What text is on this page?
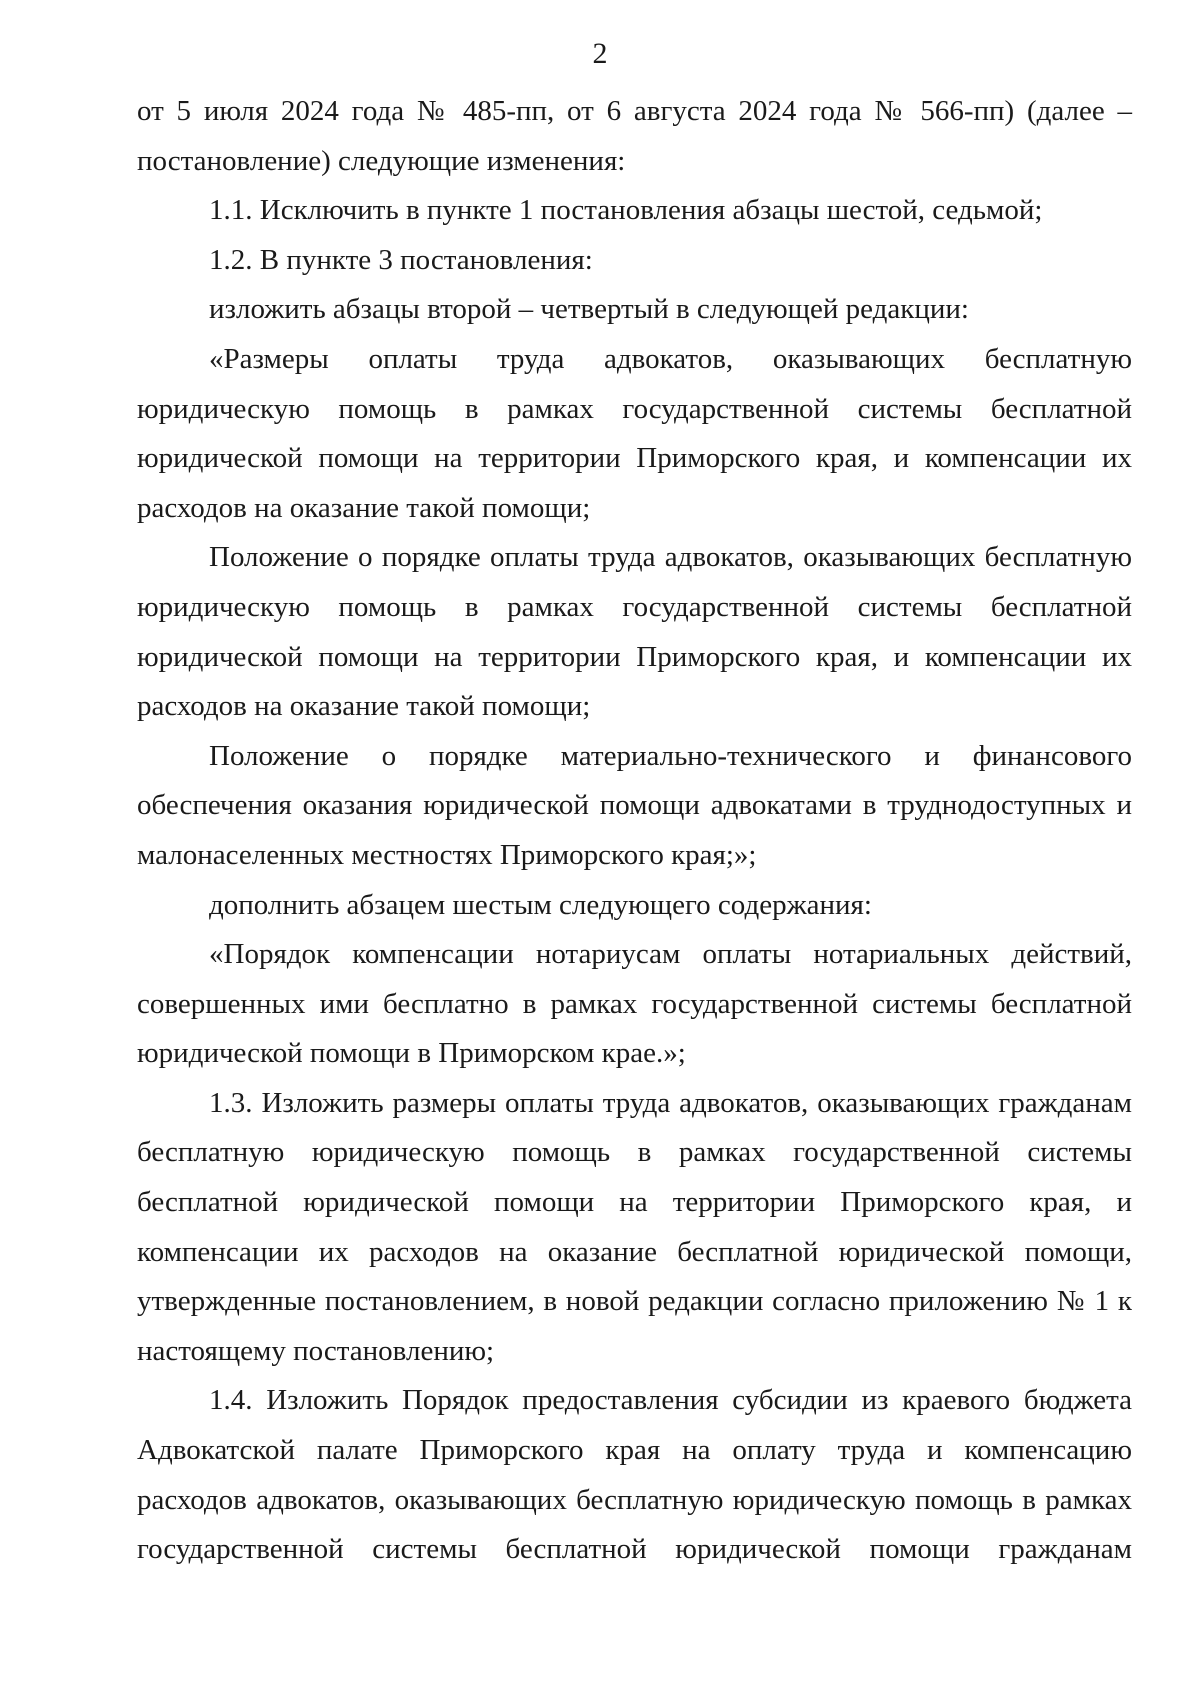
2

от 5 июля 2024 года № 485-пп, от 6 августа 2024 года № 566-пп) (далее – постановление) следующие изменения:

1.1. Исключить в пункте 1 постановления абзацы шестой, седьмой;

1.2. В пункте 3 постановления:

изложить абзацы второй – четвертый в следующей редакции:

«Размеры оплаты труда адвокатов, оказывающих бесплатную юридическую помощь в рамках государственной системы бесплатной юридической помощи на территории Приморского края, и компенсации их расходов на оказание такой помощи;

Положение о порядке оплаты труда адвокатов, оказывающих бесплатную юридическую помощь в рамках государственной системы бесплатной юридической помощи на территории Приморского края, и компенсации их расходов на оказание такой помощи;

Положение о порядке материально-технического и финансового обеспечения оказания юридической помощи адвокатами в труднодоступных и малонаселенных местностях Приморского края;»;

дополнить абзацем шестым следующего содержания:

«Порядок компенсации нотариусам оплаты нотариальных действий, совершенных ими бесплатно в рамках государственной системы бесплатной юридической помощи в Приморском крае.»;

1.3. Изложить размеры оплаты труда адвокатов, оказывающих гражданам бесплатную юридическую помощь в рамках государственной системы бесплатной юридической помощи на территории Приморского края, и компенсации их расходов на оказание бесплатной юридической помощи, утвержденные постановлением, в новой редакции согласно приложению № 1 к настоящему постановлению;

1.4. Изложить Порядок предоставления субсидии из краевого бюджета Адвокатской палате Приморского края на оплату труда и компенсацию расходов адвокатов, оказывающих бесплатную юридическую помощь в рамках государственной системы бесплатной юридической помощи гражданам
